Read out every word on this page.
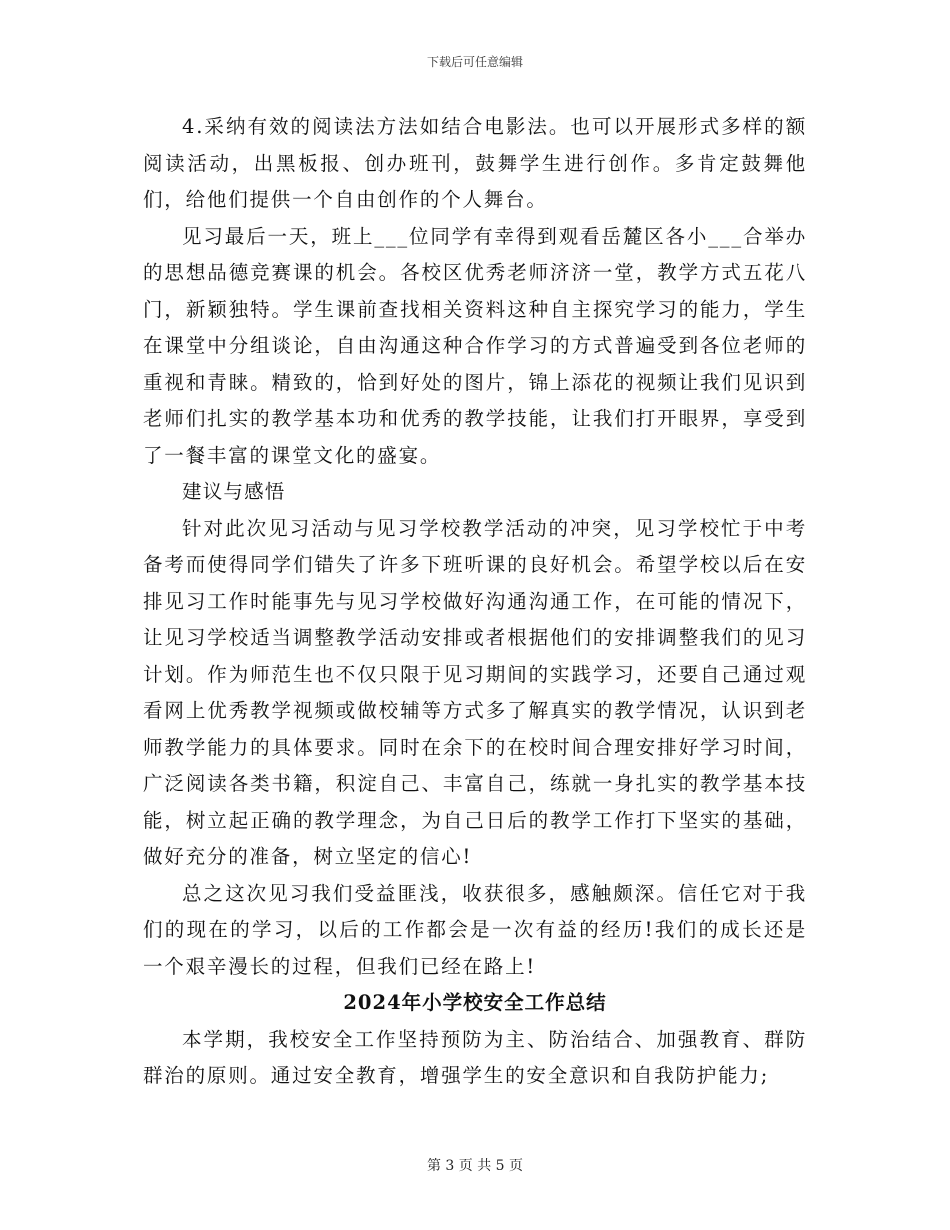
下载后可任意编辑

4.采纳有效的阅读法方法如结合电影法。也可以开展形式多样的额阅读活动，出黑板报、创办班刊，鼓舞学生进行创作。多肯定鼓舞他们，给他们提供一个自由创作的个人舞台。

见习最后一天，班上___位同学有幸得到观看岳麓区各小___合举办的思想品德竞赛课的机会。各校区优秀老师济济一堂，教学方式五花八门，新颖独特。学生课前查找相关资料这种自主探究学习的能力，学生在课堂中分组谈论，自由沟通这种合作学习的方式普遍受到各位老师的重视和青睐。精致的，恰到好处的图片，锦上添花的视频让我们见识到老师们扎实的教学基本功和优秀的教学技能，让我们打开眼界，享受到了一餐丰富的课堂文化的盛宴。

建议与感悟

针对此次见习活动与见习学校教学活动的冲突，见习学校忙于中考备考而使得同学们错失了许多下班听课的良好机会。希望学校以后在安排见习工作时能事先与见习学校做好沟通沟通工作，在可能的情况下，让见习学校适当调整教学活动安排或者根据他们的安排调整我们的见习计划。作为师范生也不仅只限于见习期间的实践学习，还要自己通过观看网上优秀教学视频或做校辅等方式多了解真实的教学情况，认识到老师教学能力的具体要求。同时在余下的在校时间合理安排好学习时间，广泛阅读各类书籍，积淀自己、丰富自己，练就一身扎实的教学基本技能，树立起正确的教学理念，为自己日后的教学工作打下坚实的基础，做好充分的准备，树立坚定的信心!

总之这次见习我们受益匪浅，收获很多，感触颇深。信任它对于我们的现在的学习，以后的工作都会是一次有益的经历!我们的成长还是一个艰辛漫长的过程，但我们已经在路上!

2024年小学校安全工作总结

本学期，我校安全工作坚持预防为主、防治结合、加强教育、群防群治的原则。通过安全教育，增强学生的安全意识和自我防护能力;

第 3 页 共 5 页
